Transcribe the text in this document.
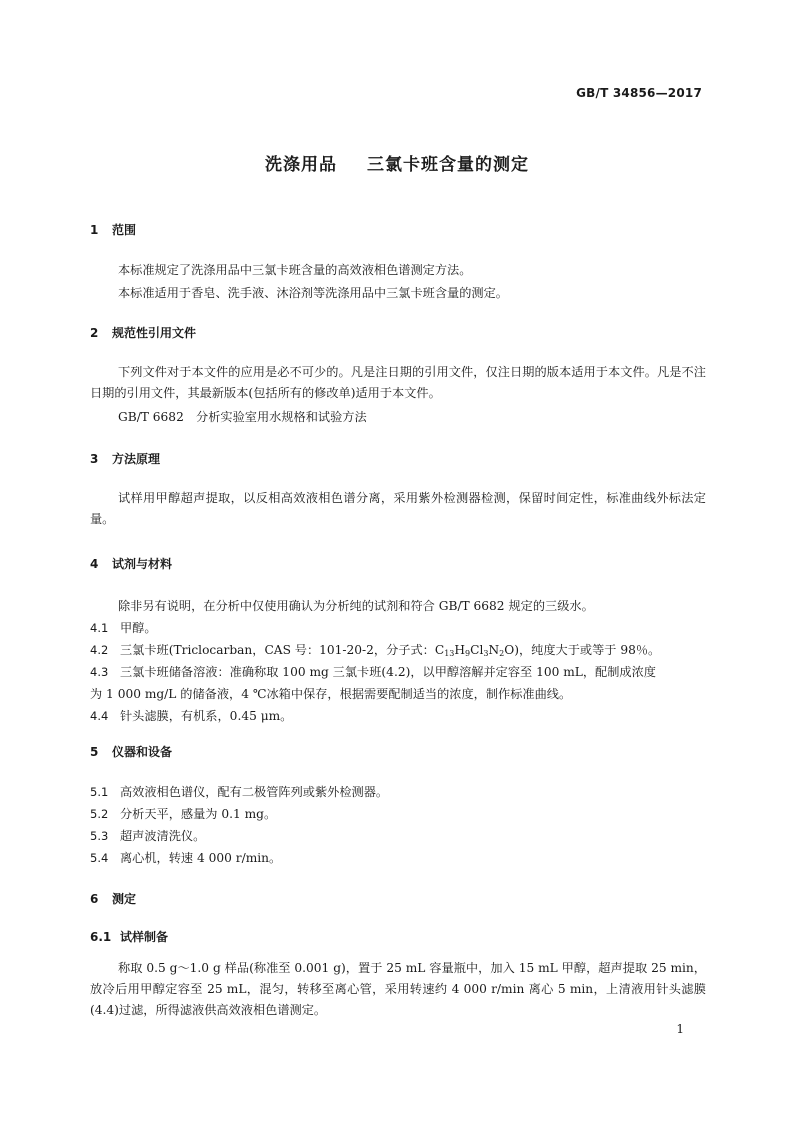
GB/T 34856—2017
洗涤用品 三氯卡班含量的测定
1 范围
本标准规定了洗涤用品中三氯卡班含量的高效液相色谱测定方法。
本标准适用于香皂、洗手液、沐浴剂等洗涤用品中三氯卡班含量的测定。
2 规范性引用文件

下列文件对于本文件的应用是必不可少的。凡是注日期的引用文件，仅注日期的版本适用于本文件。凡是不注日期的引用文件，其最新版本(包括所有的修改单)适用于本文件。

GB/T 6682　分析实验室用水规格和试验方法
3 方法原理

试样用甲醇超声提取，以反相高效液相色谱分离，采用紫外检测器检测，保留时间定性，标准曲线外标法定量。

4 试剂与材料
除非另有说明，在分析中仅使用确认为分析纯的试剂和符合 GB/T 6682 规定的三级水。
4.1 甲醇。
4.2 三氯卡班(Triclocarban，CAS 号：101-20-2，分子式：$C_{13}H_9Cl_3N_2O$)，纯度大于或等于 98％。
4.3 三氯卡班储备溶液：准确称取 100 mg 三氯卡班(4.2)，以甲醇溶解并定容至 100 mL，配制成浓度
为 1 000 mg/L 的储备液，4 ℃冰箱中保存，根据需要配制适当的浓度，制作标准曲线。
4.4 针头滤膜，有机系，0.45 μm。
5 仪器和设备
5.1 高效液相色谱仪，配有二极管阵列或紫外检测器。
5.2 分析天平，感量为 0.1 mg。
5.3 超声波清洗仪。
5.4 离心机，转速 4 000 r/min。
6 测定
6.1 试样制备

称取 0.5 g～1.0 g 样品(称准至 0.001 g)，置于 25 mL 容量瓶中，加入 15 mL 甲醇，超声提取 25 min，放冷后用甲醇定容至 25 mL，混匀，转移至离心管，采用转速约 4 000 r/min 离心 5 min，上清液用针头滤膜(4.4)过滤，所得滤液供高效液相色谱测定。

1
